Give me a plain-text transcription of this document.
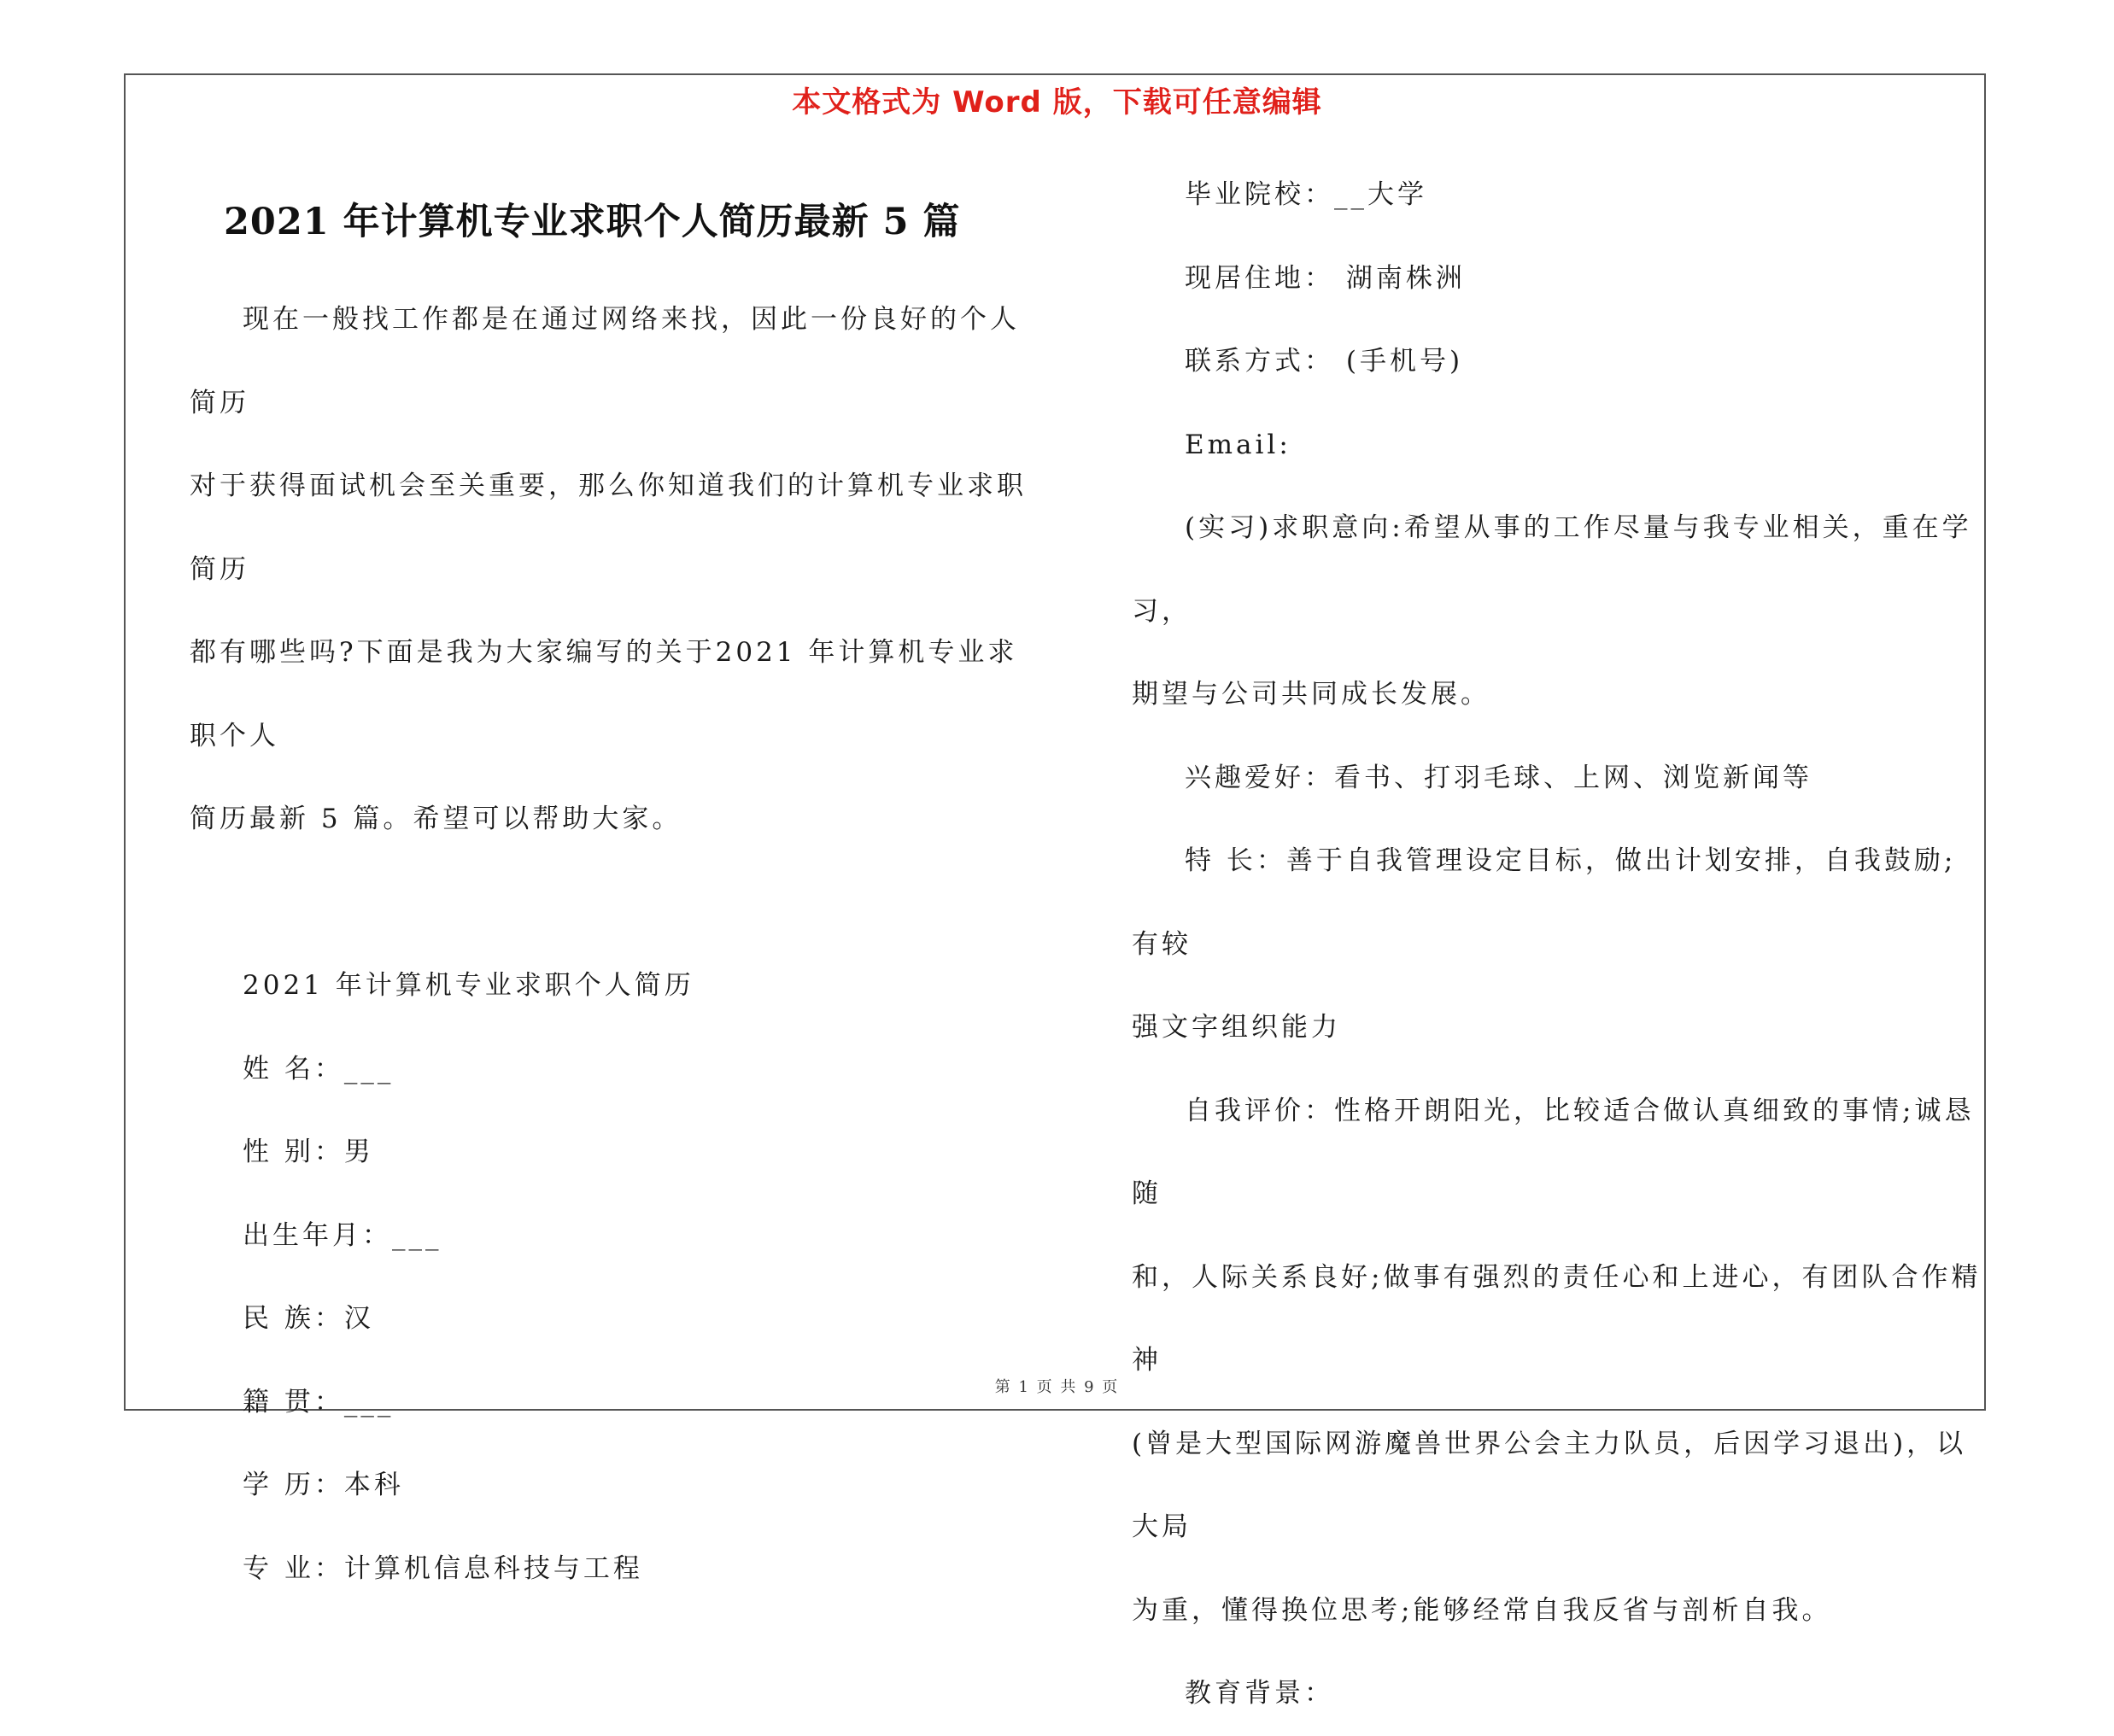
本文格式为 Word 版，下载可任意编辑
2021 年计算机专业求职个人简历最新 5 篇

现在一般找工作都是在通过网络来找，因此一份良好的个人简历

对于获得面试机会至关重要，那么你知道我们的计算机专业求职简历

都有哪些吗?下面是我为大家编写的关于2021 年计算机专业求职个人

简历最新 5 篇。希望可以帮助大家。

2021 年计算机专业求职个人简历

姓 名：___

性 别：男

出生年月：___

民 族：汉

籍 贯：___

学 历：本科

专 业：计算机信息科技与工程

毕业院校：__大学

现居住地： 湖南株洲

联系方式： (手机号)

Email:

(实习)求职意向:希望从事的工作尽量与我专业相关，重在学习，

期望与公司共同成长发展。

兴趣爱好：看书、打羽毛球、上网、浏览新闻等

特 长：善于自我管理设定目标，做出计划安排，自我鼓励;有较

强文字组织能力

自我评价：性格开朗阳光，比较适合做认真细致的事情;诚恳随

和，人际关系良好;做事有强烈的责任心和上进心，有团队合作精神

(曾是大型国际网游魔兽世界公会主力队员，后因学习退出)，以大局

为重，懂得换位思考;能够经常自我反省与剖析自我。

教育背景：

第 1 页 共 9 页
